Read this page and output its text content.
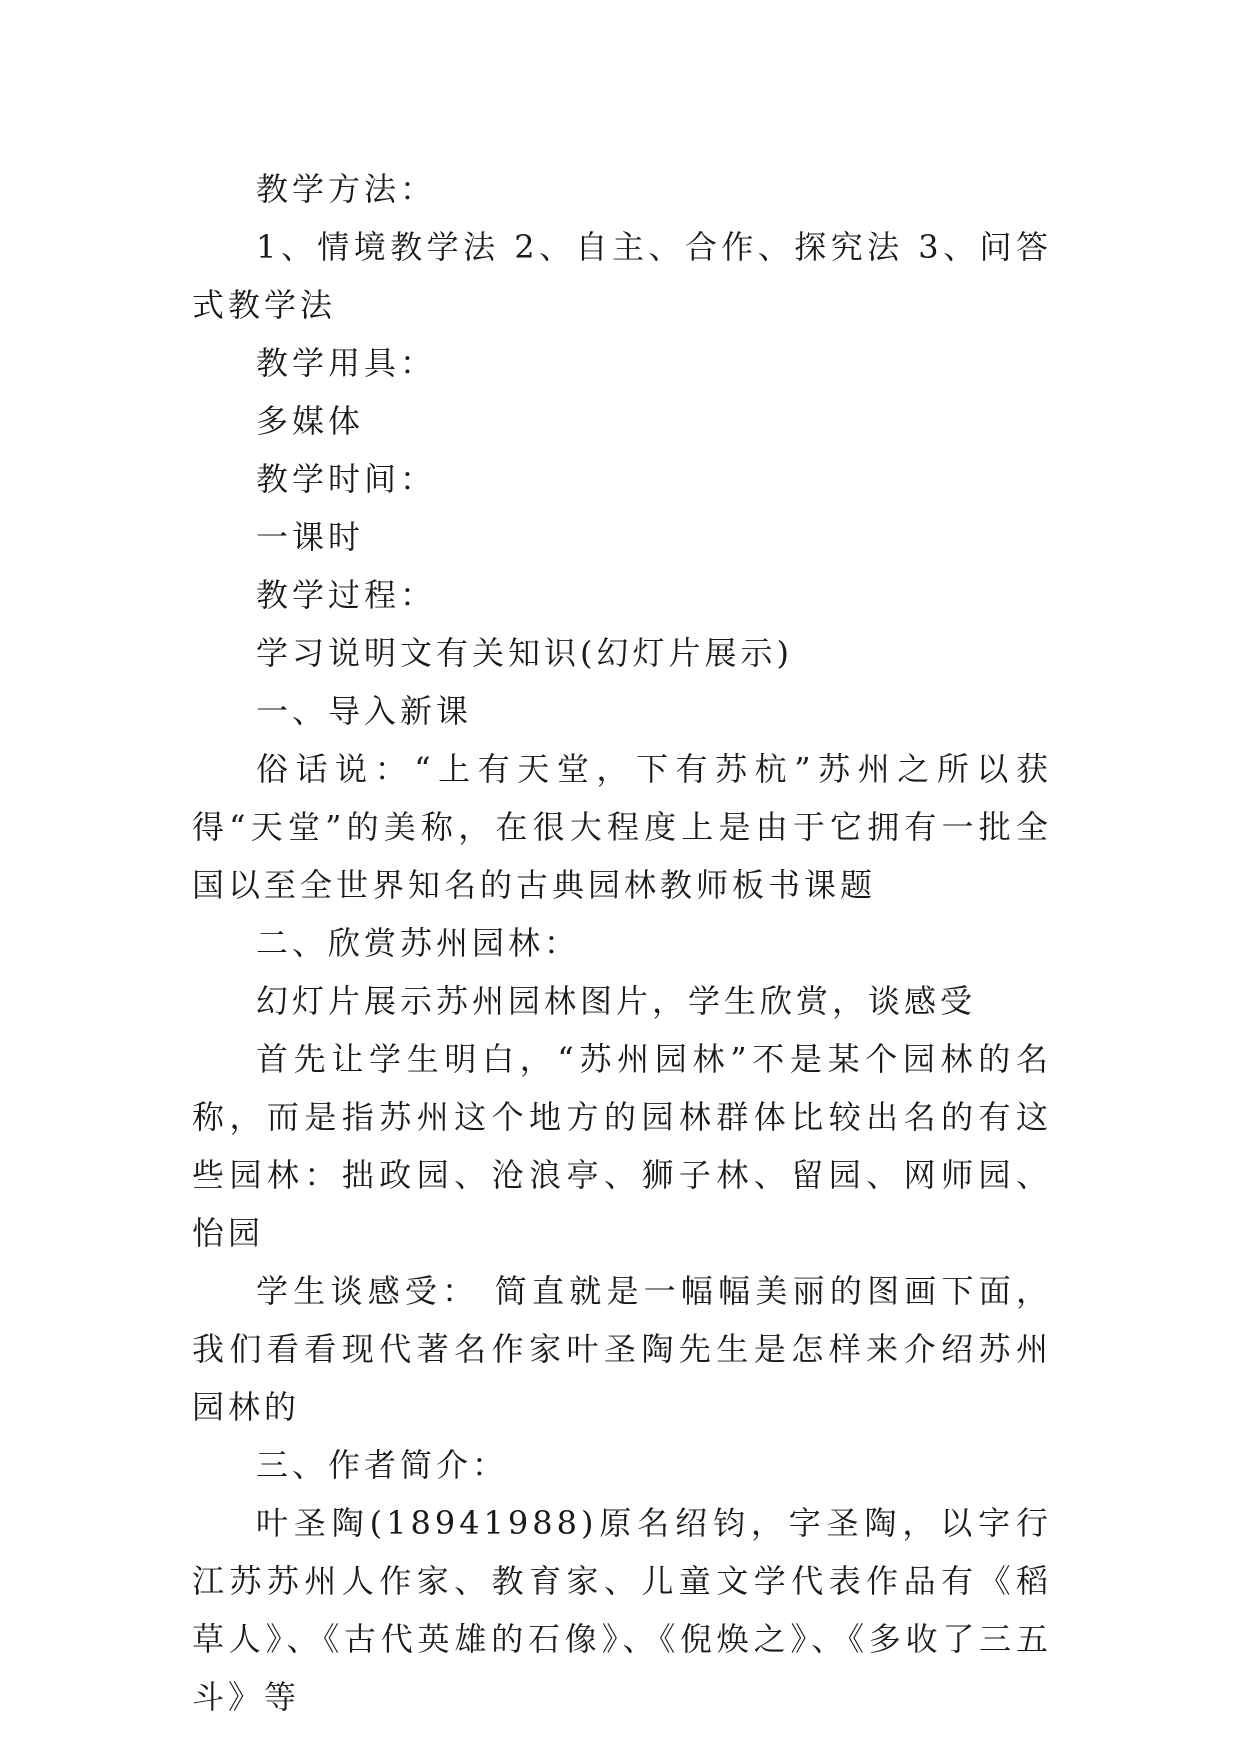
教学方法：

1、情境教学法 2、自主、合作、探究法 3、问答式教学法

教学用具：

多媒体

教学时间：

一课时

教学过程：

学习说明文有关知识(幻灯片展示)

一、导入新课

俗话说：“上有天堂，下有苏杭”苏州之所以获得“天堂”的美称，在很大程度上是由于它拥有一批全国以至全世界知名的古典园林教师板书课题

二、欣赏苏州园林：

幻灯片展示苏州园林图片，学生欣赏，谈感受

首先让学生明白，“苏州园林”不是某个园林的名称，而是指苏州这个地方的园林群体比较出名的有这些园林：拙政园、沧浪亭、狮子林、留园、网师园、怡园

学生谈感受： 简直就是一幅幅美丽的图画下面，我们看看现代著名作家叶圣陶先生是怎样来介绍苏州园林的

三、作者简介：

叶圣陶(18941988)原名绍钧，字圣陶，以字行江苏苏州人作家、教育家、儿童文学代表作品有《稻草人》、《古代英雄的石像》、《倪焕之》、《多收了三五斗》等
